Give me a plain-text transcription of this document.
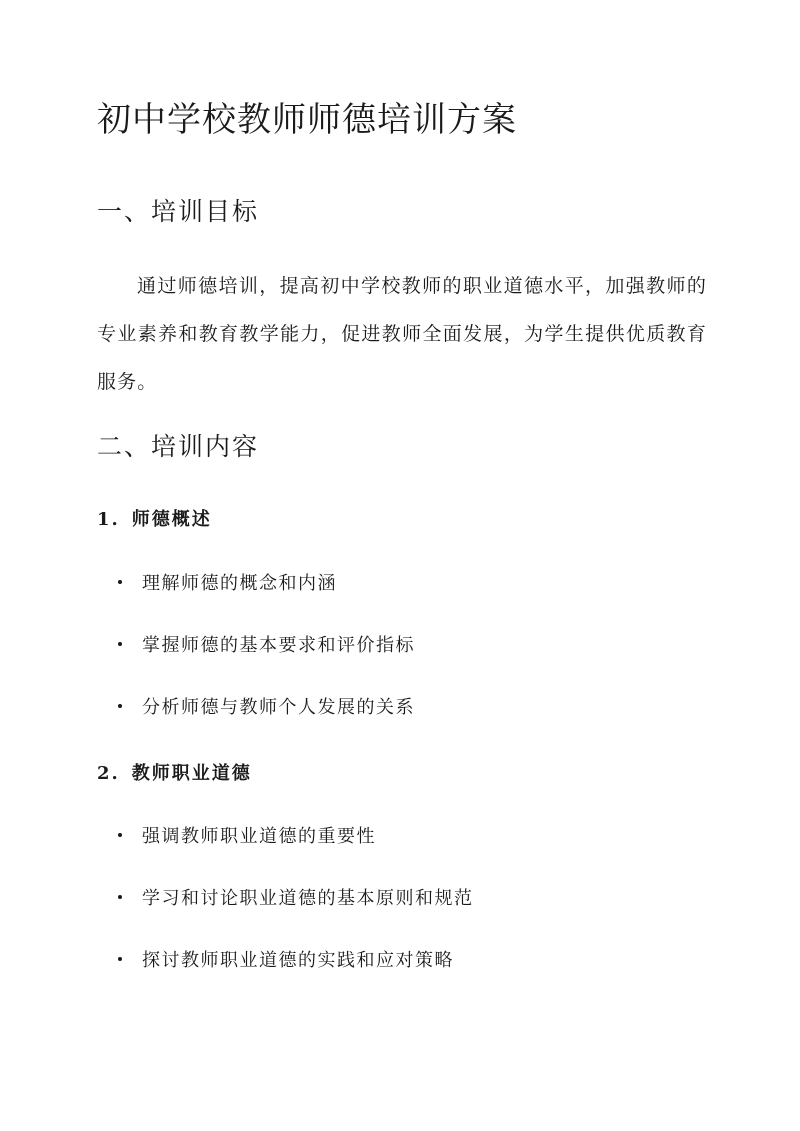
初中学校教师师德培训方案
一、培训目标

通过师德培训，提高初中学校教师的职业道德水平，加强教师的专业素养和教育教学能力，促进教师全面发展，为学生提供优质教育服务。

二、培训内容
1. 师德概述
理解师德的概念和内涵
掌握师德的基本要求和评价指标
分析师德与教师个人发展的关系
2. 教师职业道德
强调教师职业道德的重要性
学习和讨论职业道德的基本原则和规范
探讨教师职业道德的实践和应对策略
